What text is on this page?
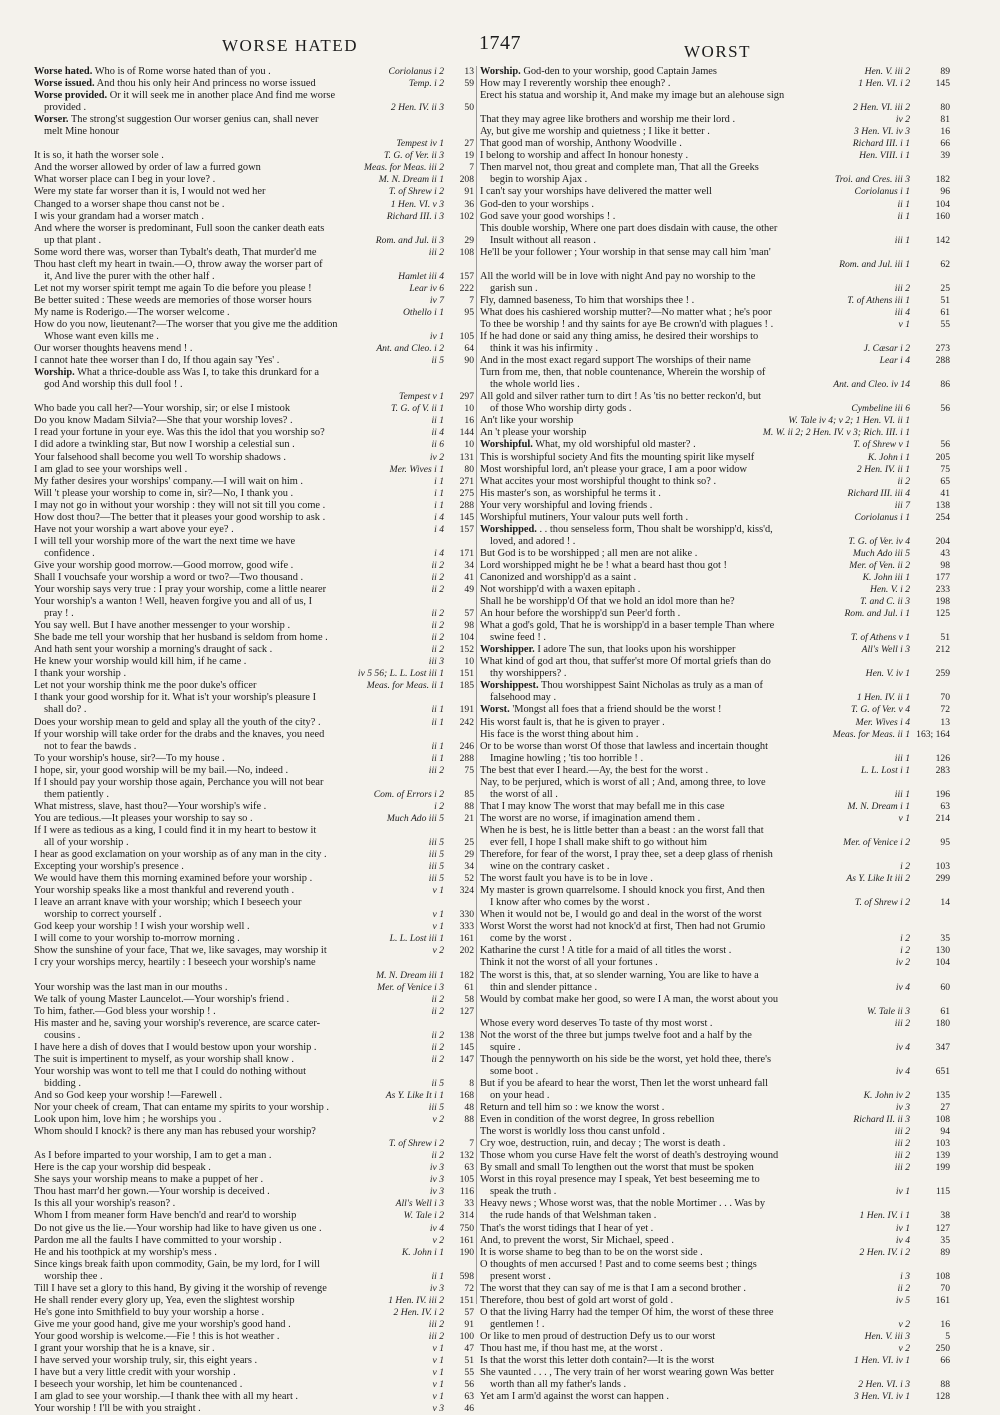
WORSE HATED	1747	WORST
Worse hated. Who is of Rome worse hated than of you .	Coriolanus i 2 13
Worse issued. And thou his only heir And princess no worse issued	Temp. i 2 59
Worse provided. Or it will seek me in another place And find me worse
provided .	2 Hen. IV. ii 3 50
Worser. The strong'st suggestion Our worser genius can, shall never
melt Mine honour
Tempest iv 1 27
It is so, it hath the worser sole .	T. G. of Ver. ii 3 19
And the worser allowed by order of law a furred gown	Meas. for Meas. iii 2	7
What worser place can I beg in your love? .	M. N. Dream ii 1 208
Were my state far worser than it is, I would not wed her	T. of Shrew i 2 91
Changed to a worser shape thou canst not be .	1 Hen. VI. v 3 36
I wis your grandam had a worser match .	Richard III. i 3 102
And where the worser is predominant, Full soon the canker death eats
up that plant .	Rom. and Jul. ii 3 29
Some word there was, worser than Tybalt's death, That murder'd me	iii 2 108
Thou hast cleft my heart in twain.—O, throw away the worser part of
it, And live the purer with the other half .	Hamlet iii 4 157
Let not my worser spirit tempt me again To die before you please !	Lear iv 6 222
Be better suited : These weeds are memories of those worser hours	iv 7	7
My name is Roderigo.—The worser welcome .	Othello i 1 95
How do you now, lieutenant?—The worser that you give me the addition
Whose want even kills me .	iv 1 105
Our worser thoughts heavens mend ! .	Ant. and Cleo. i 2 64
I cannot hate thee worser than I do, If thou again say 'Yes' .	ii 5 90
Worship. What a thrice-double ass Was I, to take this drunkard for a
god And worship this dull fool ! .
Tempest v 1 297
Who bade you call her?—Your worship, sir; or else I mistook	T. G. of V. ii 1 10
Do you know Madam Silvia?—She that your worship loves? .	ii 1 16
I read your fortune in your eye. Was this the idol that you worship so?	ii 4 144
I did adore a twinkling star, But now I worship a celestial sun .	ii 6 10
Your falsehood shall become you well To worship shadows .	iv 2 131
I am glad to see your worships well .	Mer. Wives i 1 80
My father desires your worships' company.—I will wait on him .	i 1 271
Will 't please your worship to come in, sir?—No, I thank you .	i 1 275
I may not go in without your worship : they will not sit till you come .	i 1 288
How dost thou?—The better that it pleases your good worship to ask .	i 4 145
Have not your worship a wart above your eye? .	i 4 157
I will tell your worship more of the wart the next time we have
confidence .	i 4 171
Give your worship good morrow.—Good morrow, good wife .	ii 2 34
Shall I vouchsafe your worship a word or two?—Two thousand .	ii 2 41
Your worship says very true : I pray your worship, come a little nearer	ii 2 49
Your worship's a wanton ! Well, heaven forgive you and all of us, I
pray ! .	ii 2 57
You say well. But I have another messenger to your worship .	ii 2 98
She bade me tell your worship that her husband is seldom from home .	ii 2 104
And hath sent your worship a morning's draught of sack .	ii 2 152
He knew your worship would kill him, if he came .	iii 3 10
I thank your worship .	iv 5 56; L. L. Lost iii 1 151
Let not your worship think me the poor duke's officer	Meas. for Meas. ii 1 185
I thank your good worship for it. What is't your worship's pleasure I
shall do? .	ii 1 191
Does your worship mean to geld and splay all the youth of the city? .	ii 1 242
If your worship will take order for the drabs and the knaves, you need
not to fear the bawds .	ii 1 246
To your worship's house, sir?—To my house .	ii 1 288
I hope, sir, your good worship will be my bail.—No, indeed .	iii 2 75
If I should pay your worship those again, Perchance you will not bear
them patiently .	Com. of Errors i 2 85
What mistress, slave, hast thou?—Your worship's wife .	i 2 88
You are tedious.—It pleases your worship to say so .	Much Ado iii 5 21
If I were as tedious as a king, I could find it in my heart to bestow it
all of your worship .	iii 5 25
I hear as good exclamation on your worship as of any man in the city .	iii 5 29
Excepting your worship's presence .	iii 5 34
We would have them this morning examined before your worship .	iii 5 52
Your worship speaks like a most thankful and reverend youth .	v 1 324
I leave an arrant knave with your worship; which I beseech your
worship to correct yourself .	v 1 330
God keep your worship ! I wish your worship well .	v 1 333
I will come to your worship to-morrow morning .	L. L. Lost iii 1 161
Show the sunshine of your face, That we, like savages, may worship it	v 2 202
I cry your worships mercy, heartily : I beseech your worship's name
M. N. Dream iii 1 182
Your worship was the last man in our mouths .	Mer. of Venice i 3 61
We talk of young Master Launcelot.—Your worship's friend .	ii 2 58
To him, father.—God bless your worship ! .	ii 2 127
His master and he, saving your worship's reverence, are scarce cater-
cousins .	ii 2 138
I have here a dish of doves that I would bestow upon your worship .	ii 2 145
The suit is impertinent to myself, as your worship shall know .	ii 2 147
Your worship was wont to tell me that I could do nothing without
bidding .	ii 5	8
And so God keep your worship !—Farewell .	As Y. Like It i 1 168
Nor your cheek of cream, That can entame my spirits to your worship .	iii 5 48
Look upon him, love him ; he worships you .	v 2 88
Whom should I knock? is there any man has rebused your worship?
T. of Shrew i 2	7
As I before imparted to your worship, I am to get a man .	ii 2 132
Here is the cap your worship did bespeak .	iv 3 63
She says your worship means to make a puppet of her .	iv 3 105
Thou hast marr'd her gown.—Your worship is deceived .	iv 3 116
Is this all your worship's reason? .	All's Well i 3 33
Whom I from meaner form Have bench'd and rear'd to worship	W. Tale i 2 314
Do not give us the lie.—Your worship had like to have given us one .	iv 4 750
Pardon me all the faults I have committed to your worship .	v 2 161
He and his toothpick at my worship's mess .	K. John i 1 190
Since kings break faith upon commodity, Gain, be my lord, for I will
worship thee .	ii 1 598
Till I have set a glory to this hand, By giving it the worship of revenge	iv 3 72
He shall render every glory up, Yea, even the slightest worship	1 Hen. IV. iii 2 151
He's gone into Smithfield to buy your worship a horse .	2 Hen. IV. i 2 57
Give me your good hand, give me your worship's good hand .	iii 2 91
Your good worship is welcome.—Fie ! this is hot weather .	iii 2 100
I grant your worship that he is a knave, sir .	v 1 47
I have served your worship truly, sir, this eight years .	v 1 51
I have but a very little credit with your worship .	v 1 55
I beseech your worship, let him be countenanced .	v 1 56
I am glad to see your worship.—I thank thee with all my heart .	v 1 63
Your worship ! I'll be with you straight .	v 3 46
Worship. God-den to your worship, good Captain James	Hen. V. iii 2	89
How may I reverently worship thee enough? .	1 Hen. VI. i 2	145
Erect his statua and worship it, And make my image but an alehouse sign
2 Hen. VI. iii 2	80
That they may agree like brothers and worship me their lord .	iv 2	81
Ay, but give me worship and quietness ; I like it better .	3 Hen. VI. iv 3	16
That good man of worship, Anthony Woodville .	Richard III. i 1	66
I belong to worship and affect In honour honesty .	Hen. VIII. i 1	39
Then marvel not, thou great and complete man, That all the Greeks
begin to worship Ajax .	Troi. and Cres. iii 3	182
I can't say your worships have delivered the matter well	Coriolanus i 1	96
God-den to your worships .	ii 1	104
God save your good worships ! .	ii 1	160
This double worship, Where one part does disdain with cause, the other
Insult without all reason .	iii 1	142
He'll be your follower ; Your worship in that sense may call him 'man'
Rom. and Jul. iii 1	62
All the world will be in love with night And pay no worship to the
garish sun .	iii 2	25
Fly, damned baseness, To him that worships thee ! .	T. of Athens iii 1	51
What does his cashiered worship mutter?—No matter what ; he's poor	iii 4	61
To thee be worship ! and thy saints for aye Be crown'd with plagues ! .	v 1	55
If he had done or said any thing amiss, he desired their worships to
think it was his infirmity .	J. Cæsar i 2	273
And in the most exact regard support The worships of their name	Lear i 4	288
Turn from me, then, that noble countenance, Wherein the worship of
the whole world lies .	Ant. and Cleo. iv 14	86
All gold and silver rather turn to dirt ! As 'tis no better reckon'd, but
of those Who worship dirty gods .	Cymbeline iii 6	56
An't like your worship	W. Tale iv 4; v 2; 1 Hen. VI. ii 1
An 't please your worship	M. W. ii 2; 2 Hen. IV. v 3; Rich. III. i 1
Worshipful. What, my old worshipful old master? .	T. of Shrew v 1	56
This is worshipful society And fits the mounting spirit like myself	K. John i 1	205
Most worshipful lord, an't please your grace, I am a poor widow	2 Hen. IV. ii 1	75
What accites your most worshipful thought to think so? .	ii 2	65
His master's son, as worshipful he terms it .	Richard III. iii 4	41
Your very worshipful and loving friends .	iii 7	138
Worshipful mutiners, Your valour puts well forth .	Coriolanus i 1	254
Worshipped. . . thou senseless form, Thou shalt be worshipp'd, kiss'd,
loved, and adored ! .	T. G. of Ver. iv 4	204
But God is to be worshipped ; all men are not alike .	Much Ado iii 5	43
Lord worshipped might he be ! what a beard hast thou got !	Mer. of Ven. ii 2	98
Canonized and worshipp'd as a saint .	K. John iii 1	177
Not worshipp'd with a waxen epitaph .	Hen. V. i 2	233
Shall he be worshipp'd Of that we hold an idol more than he?	T. and C. ii 3	198
An hour before the worshipp'd sun Peer'd forth .	Rom. and Jul. i 1	125
What a god's gold, That he is worshipp'd in a baser temple Than where
swine feed ! .	T. of Athens v 1	51
Worshipper. I adore The sun, that looks upon his worshipper	All's Well i 3	212
What kind of god art thou, that suffer'st more Of mortal griefs than do
thy worshippers? .	Hen. V. iv 1	259
Worshippest. Thou worshippest Saint Nicholas as truly as a man of
falsehood may .	1 Hen. IV. ii 1	70
Worst. 'Mongst all foes that a friend should be the worst !	T. G. of Ver. v 4	72
His worst fault is, that he is given to prayer .	Mer. Wives i 4	13
His face is the worst thing about him .	Meas. for Meas. ii 1 163; 164
Or to be worse than worst Of those that lawless and incertain thought
Imagine howling ; 'tis too horrible ! .	iii 1	126
The best that ever I heard.—Ay, the best for the worst .	L. L. Lost i 1	283
Nay, to be perjured, which is worst of all ; And, among three, to love
the worst of all .	iii 1	196
That I may know The worst that may befall me in this case	M. N. Dream i 1	63
The worst are no worse, if imagination amend them .	v 1	214
When he is best, he is little better than a beast : an the worst fall that
ever fell, I hope I shall make shift to go without him	Mer. of Venice i 2	95
Therefore, for fear of the worst, I pray thee, set a deep glass of rhenish
wine on the contrary casket .	i 2	103
The worst fault you have is to be in love .	As Y. Like It iii 2	299
My master is grown quarrelsome. I should knock you first, And then
I know after who comes by the worst .	T. of Shrew i 2	14
When it would not be, I would go and deal in the worst of the worst
Worst Worst the worst had not knock'd at first, Then had not Grumio
come by the worst .	i 2	35
Katharine the curst ! A title for a maid of all titles the worst .	i 2	130
Think it not the worst of all your fortunes .	iv 2	104
The worst is this, that, at so slender warning, You are like to have a
thin and slender pittance .	iv 4	60
Would by combat make her good, so were I A man, the worst about you
W. Tale ii 3	61
Whose every word deserves To taste of thy most worst .	iii 2	180
Not the worst of the three but jumps twelve foot and a half by the
squire .	iv 4	347
Though the pennyworth on his side be the worst, yet hold thee, there's
some boot .	iv 4	651
But if you be afeard to hear the worst, Then let the worst unheard fall
on your head .	K. John iv 2	135
Return and tell him so : we know the worst .	iv 3	27
Even in condition of the worst degree, In gross rebellion	Richard II. ii 3	108
The worst is worldly loss thou canst unfold .	iii 2	94
Cry woe, destruction, ruin, and decay ; The worst is death .	iii 2	103
Those whom you curse Have felt the worst of death's destroying wound	iii 2	139
By small and small To lengthen out the worst that must be spoken	iii 2	199
Worst in this royal presence may I speak, Yet best beseeming me to
speak the truth .	iv 1	115
Heavy news ; Whose worst was, that the noble Mortimer . . . Was by
the rude hands of that Welshman taken .	1 Hen. IV. i 1	38
That's the worst tidings that I hear of yet .	iv 1	127
And, to prevent the worst, Sir Michael, speed .	iv 4	35
It is worse shame to beg than to be on the worst side .	2 Hen. IV. i 2	89
O thoughts of men accursed ! Past and to come seems best ; things
present worst .	i 3	108
The worst that they can say of me is that I am a second brother .	ii 2	70
Therefore, thou best of gold art worst of gold .	iv 5	161
O that the living Harry had the temper Of him, the worst of these three
gentlemen ! .	v 2	16
Or like to men proud of destruction Defy us to our worst	Hen. V. iii 3	5
Thou hast me, if thou hast me, at the worst .	v 2	250
Is that the worst this letter doth contain?—It is the worst	1 Hen. VI. iv 1	66
She vaunted . . . , The very train of her worst wearing gown Was better
worth than all my father's lands .	2 Hen. VI. i 3	88
Yet am I arm'd against the worst can happen .	3 Hen. VI. iv 1	128
